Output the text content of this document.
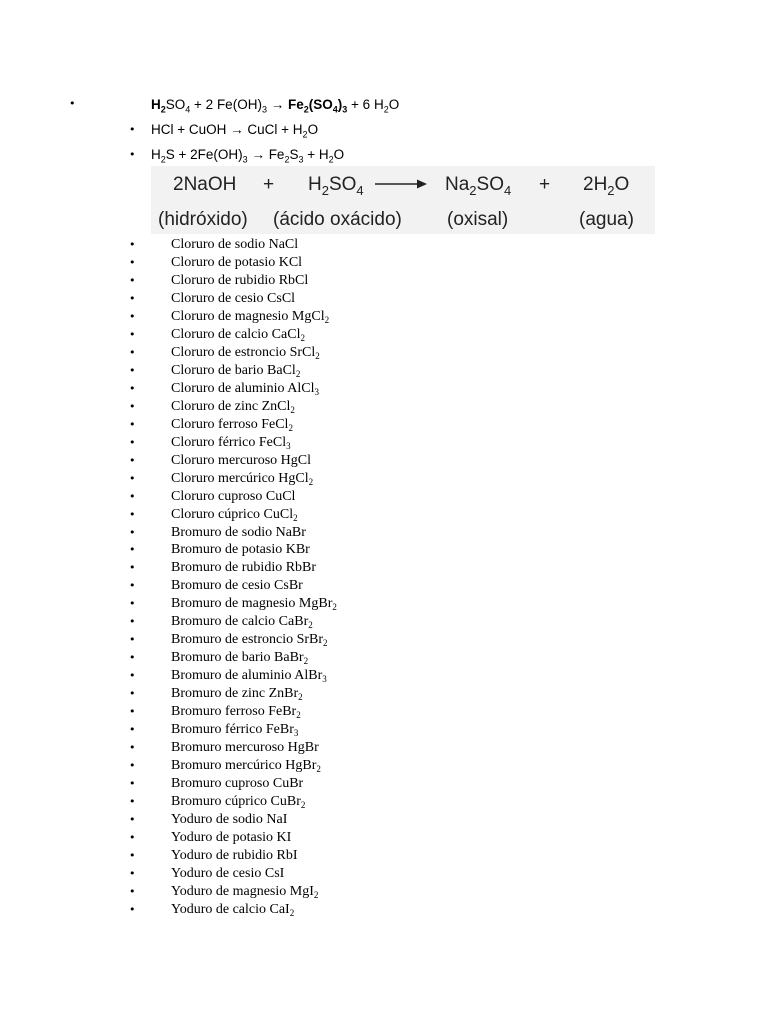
•	$H_2SO_4 + 2$ $Fe(OH)_3 \to Fe_2(SO_4)_3 + 6$ $H_2O$
• HCl + CuOH → CuCl + $H_2O$
• $H_2S + 2Fe(OH)_3 \to Fe_2S_3 + H_2O$
2NaOH + $H_2SO_4 \to Na_2SO_4 + 2H_2O$
(hidróxido) (ácido oxácido) (oxisal)	(agua)
•	Cloruro de sodio NaCl
•	Cloruro de potasio KCl
•	Cloruro de rubidio RbCl
•	Cloruro de cesio CsCl
•	Cloruro de magnesio MgCl$_2$
•	Cloruro de calcio CaCl$_2$
•	Cloruro de estroncio SrCl$_2$
•	Cloruro de bario BaCl$_2$
•	Cloruro de aluminio AlCl$_3$
•	Cloruro de zinc ZnCl$_2$
•	Cloruro ferroso FeCl$_2$
•	Cloruro férrico FeCl$_3$
•	Cloruro mercuroso HgCl
•	Cloruro mercúrico HgCl$_2$
•	Cloruro cuproso CuCl
•	Cloruro cúprico CuCl$_2$
•	Bromuro de sodio NaBr
•	Bromuro de potasio KBr
•	Bromuro de rubidio RbBr
•	Bromuro de cesio CsBr
•	Bromuro de magnesio MgBr$_2$
•	Bromuro de calcio CaBr$_2$
•	Bromuro de estroncio SrBr$_2$
•	Bromuro de bario BaBr$_2$
•	Bromuro de aluminio AlBr$_3$
•	Bromuro de zinc ZnBr$_2$
•	Bromuro ferroso FeBr$_2$
•	Bromuro férrico FeBr$_3$
•	Bromuro mercuroso HgBr
•	Bromuro mercúrico HgBr$_2$
•	Bromuro cuproso CuBr
•	Bromuro cúprico CuBr$_2$
•	Yoduro de sodio NaI
•	Yoduro de potasio KI
•	Yoduro de rubidio RbI
•	Yoduro de cesio CsI
•	Yoduro de magnesio MgI$_2$
•	Yoduro de calcio CaI$_2$
